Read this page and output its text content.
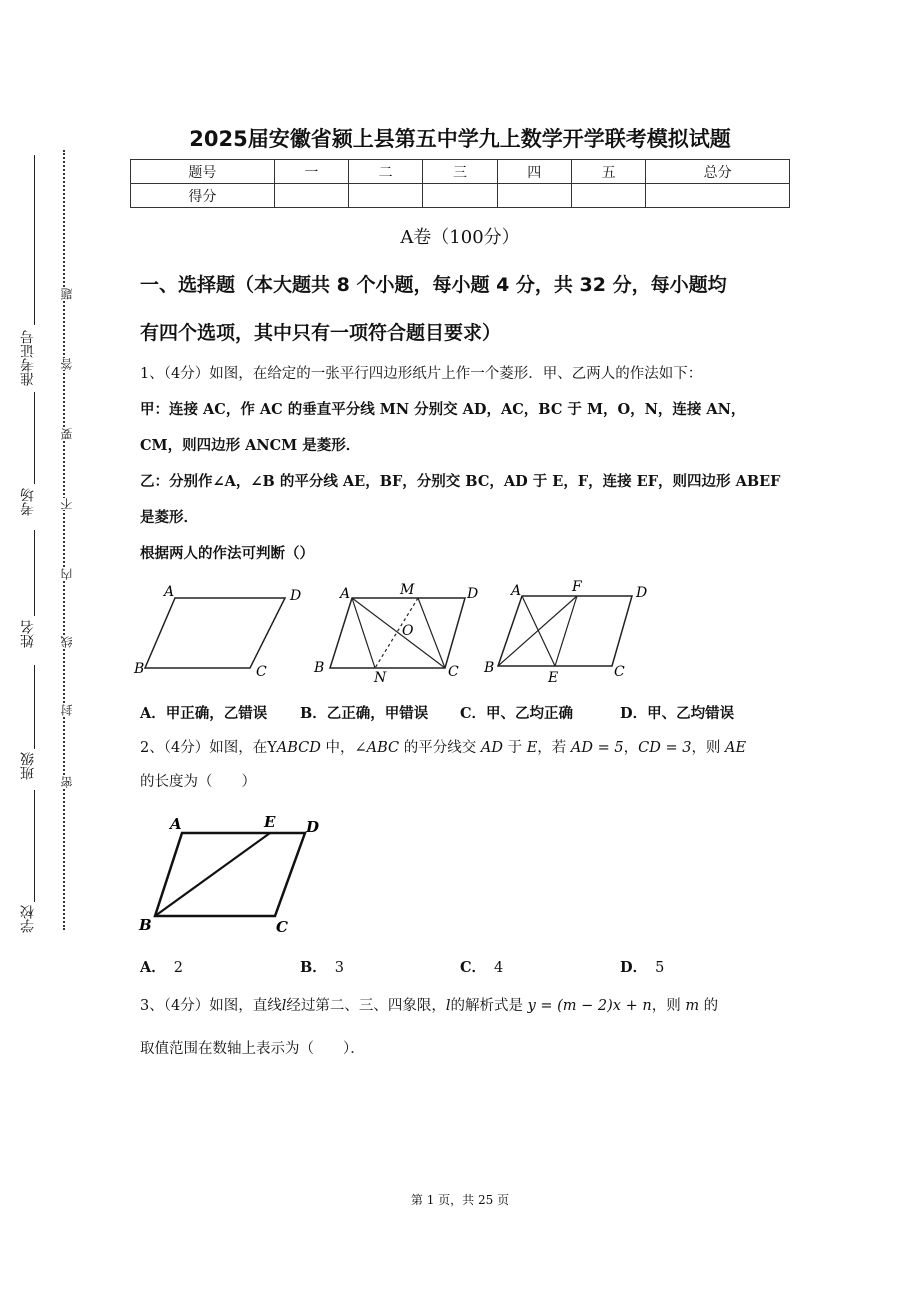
准考证号
考场
姓名
班级
学校
题
答
要
不
内
线
封
密
2025届安徽省颍上县第五中学九上数学开学联考模拟试题
题号	一	二	三	四	五	总分
得分						
A卷（100分）
一、选择题（本大题共 8 个小题，每小题 4 分，共 32 分，每小题均
有四个选项，其中只有一项符合题目要求）
1、（4分）如图，在给定的一张平行四边形纸片上作一个菱形．甲、乙两人的作法如下：
甲：连接 AC，作 AC 的垂直平分线 MN 分别交 AD，AC，BC 于 M，O，N，连接 AN，
CM，则四边形 ANCM 是菱形．
乙：分别作∠A，∠B 的平分线 AE，BF，分别交 BC，AD 于 E，F，连接 EF，则四边形 ABEF
是菱形．
根据两人的作法可判断（）
A	D
B	C
A	M	D
O
B
N	C
A	F	D
B
E	C
A．甲正确，乙错误 B．乙正确，甲错误 C．甲、乙均正确	D．甲、乙均错误
2、（4分）如图，在YABCD 中，∠ABC 的平分线交 AD 于 E，若 AD = 5，CD = 3，则 AE
的长度为（　　）
A	E D
B	C
A． 2	B． 3	C． 4	D． 5
3、（4分）如图，直线l经过第二、三、四象限，l的解析式是 y = (m − 2)x + n，则 m 的
取值范围在数轴上表示为（　　）．
第 1 页，共 25 页
